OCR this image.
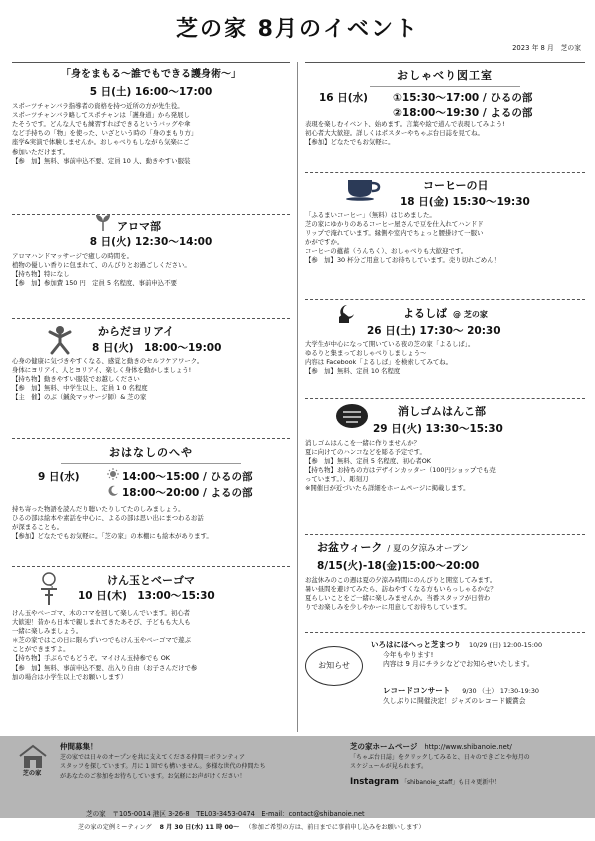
芝の家 8月のイベント
2023 年 8 月　芝の家
「身をまもる～誰でもできる護身術～」
5 日(土) 16:00～17:00

スポーツチャンバラ指導者の資格を持つ近所の方が先生役。

スポーツチャンバラ略してスポチャンは「護身道」から発展し

たそうです。どんな人でも練習すればできるというバッグや傘

など手持ちの「物」を使った、いざという時の「身のまもり方」

座学&実演で体験しませんか。おしゃべりもしながら気楽にご

参加いただけます。

【参　加】無料、事前申込不要、定員 10 人、動きやすい服装

アロマ部
8 日(火) 12:30～14:00

アロマハンドマッサージで癒しの時間を。

植物の優しい香りに包まれて、のんびりとお過ごしください。

【持ち物】特になし

【参　加】参加費 150 円　定員 5 名程度、事前申込不要

からだヨリアイ
8 日(火)　18:00～19:00

心身の健康に気づきやすくなる、感覚と動きのセルフケアワーク。

身体にヨリアイ、人とヨリアイ、楽しく身体を動かしましょう!

【持ち物】動きやすい服装でお越しください

【参　加】無料、中学生以上、定員 1 0 名程度

【主　催】のぶ（鍼灸マッサージ師）& 芝の家

おはなしのへや
9 日(水)	14:00～15:00 / ひるの部
18:00～20:00 / よるの部

持ち寄った物語を読んだり聴いたりしてたのしみましょう。

ひるの部は絵本や素話を中心に、よるの部は思い出にまつわるお話

が深まることも。

【参加】どなたでもお気軽に。「芝の家」の本棚にも絵本があります。

けん玉とベーゴマ
10 日(木)　13:00～15:30

けん玉やベーゴマ、木のコマを回して楽しんでいます。初心者

大歓迎！昔から日本で親しまれてきたあそび、子どもも大人も

一緒に楽しみましょう。

＊芝の家ではこの日に限らずいつでもけん玉やベーゴマで遊ぶ

ことができますよ。

【持ち物】手ぶらでもどうぞ。マイけん玉持参でも OK

【参　加】無料、事前申込不要、出入り自由（お子さんだけで参

加の場合は小学生以上でお願いします）

おしゃべり図工室
16 日(水) ①15:30～17:00 / ひるの部
②18:00～19:30 / よるの部

表現を楽しむイベント、始めます。言葉や絵で道んで表現してみよう!

初心者大大歓迎。詳しくはポスターやちゃぶ台日誌を見てね。

【参加】どなたでもお気軽に。

コーヒーの日
18 日(金) 15:30～19:30

「ふるまいコーヒー」（無料）はじめました。

芝の家にゆかりのあるコーヒー屋さんで豆を仕入れてハンドド

リップで淹れています。縁側や室内でちょっと腰掛けて一服い

かがですか。

コーヒーの蘊蓄（うんちく）、おしゃべりも大歓迎です。

【参　加】30 杯分ご用意してお待ちしています。売り切れごめん！

よるしば @ 芝の家
26 日(土) 17:30～ 20:30

大学生が中心になって開いている夜の芝の家「よるしば」。

ゆるりと集まっておしゃべりしましょう～

内容は Facebook「よるしば」を検索してみてね。

【参　加】無料、定員 10 名程度

消しゴムはんこ部
29 日(火) 13:30～15:30

消しゴムはんこを一緒に作りませんか？

夏に向けてのハンコなどを彫る予定です。

【参　加】無料、定員 5 名程度、初心者OK

【持ち物】お持ちの方はデザインカッター（100円ショップでも売

っています。）、彫刻刀

※開催日が近づいたら詳細をホームページに掲載します。

お盆ウィーク / 夏の夕涼みオープン
8/15(火)-18(金)15:00～20:00

お盆休みのこの週は夏の夕涼み時間にのんびりと開室してみます。

暑い昼間を避けてみたら、訪ねやすくなる方もいらっしゃるかな？

夏らしいことをご一緒に楽しみませんか。当番スタッフが日替わ

りでお楽しみを少しやかーに用意してお待ちしています。

お知らせ
いろはにほへっと芝まつり 10/29 (日) 12:00-15:00
今年もやります!
内容は 9 月にチラシなどでお知らせいたします。
レコードコンサート 9/30 （土） 17:30-19:30
久しぶりに開催決定！ジャズのレコード観賞会
芝の家
仲間募集！
芝の家では日々のオープンを共に支えてくださる仲間＝ボランティア
スタッフを探しています。月に 1 回でも構いません。多様な世代の仲間たち
があなたのご参加をお待ちしています。お気軽にお声がけください！
芝の家ホームページ http://www.shibanoie.net/
「ちゃぶ台日誌」をクリックしてみると、日々のできごとや毎月の
スケジュールが見られます。
Instagram 「shibanoie_staff」も日々更新中！
芝の家　〒105-0014 港区 3-26-8　TEL03-3453-0474　E-mail：contact@shibanoie.net
芝の家の定例ミーティング 8 月 30 日(水) 11 時 00～ （参加ご希望の方は、前日までに事前申し込みをお願いします）
